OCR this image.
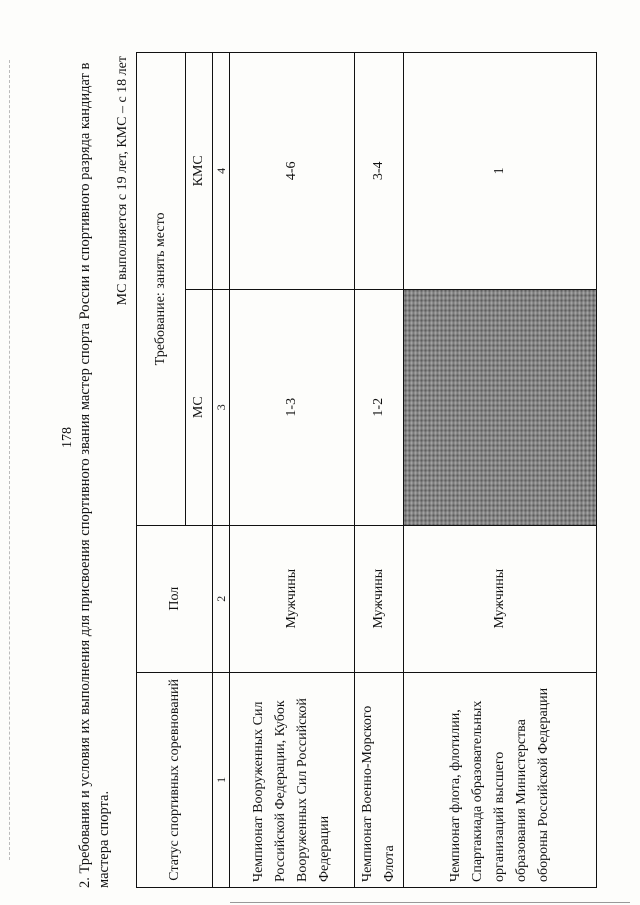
178 2. Требования и условия их выполнения для присвоения спортивного звания мастер спорта России и спортивного разряда кандидат в мастера спорта.
МС выполняется с 19 лет, КМС – с 18 лет
Статус спортивных соревнований	Пол	Требование: занять место	
		МС	КМС
1	2	3	4
Чемпионат Вооруженных Сил Российской Федерации, Кубок Вооруженных Сил Российской Федерации	Мужчины	1-3	4-6
Чемпионат Военно-Морского Флота	Мужчины	1-2	3-4
Чемпионат флота, флотилии, Спартакиада образовательных организаций высшего образования Министерства обороны Российской Федерации	Мужчины		1
